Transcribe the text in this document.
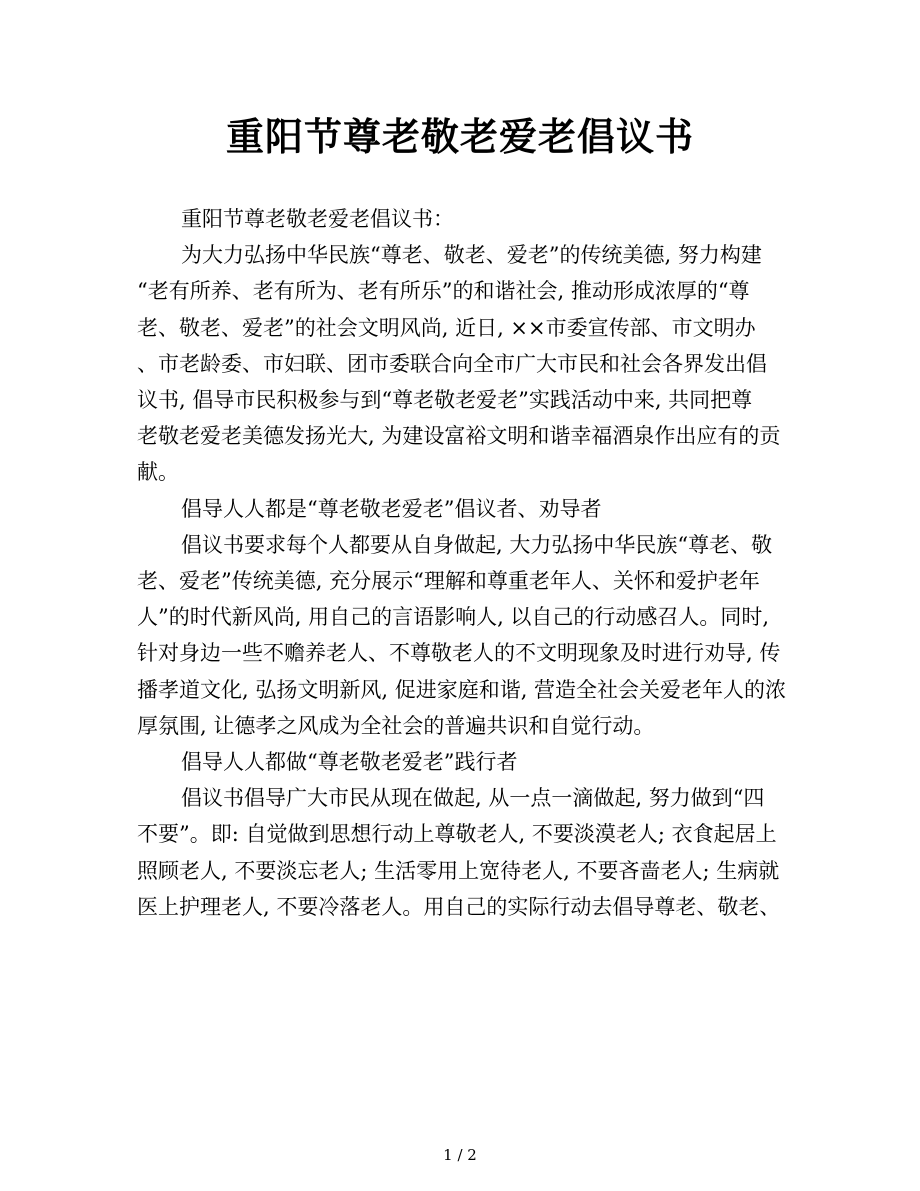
重阳节尊老敬老爱老倡议书
重阳节尊老敬老爱老倡议书：
为大力弘扬中华民族“尊老、敬老、爱老”的传统美德, 努力构建
“老有所养、老有所为、老有所乐”的和谐社会, 推动形成浓厚的“尊
老、敬老、爱老”的社会文明风尚, 近日, ××市委宣传部、市文明办
、市老龄委、市妇联、团市委联合向全市广大市民和社会各界发出倡
议书, 倡导市民积极参与到“尊老敬老爱老”实践活动中来, 共同把尊
老敬老爱老美德发扬光大, 为建设富裕文明和谐幸福酒泉作出应有的贡
献。
倡导人人都是“尊老敬老爱老”倡议者、劝导者
倡议书要求每个人都要从自身做起, 大力弘扬中华民族“尊老、敬
老、爱老”传统美德, 充分展示“理解和尊重老年人、关怀和爱护老年
人”的时代新风尚, 用自己的言语影响人, 以自己的行动感召人。同时,
针对身边一些不赡养老人、不尊敬老人的不文明现象及时进行劝导, 传
播孝道文化, 弘扬文明新风, 促进家庭和谐, 营造全社会关爱老年人的浓
厚氛围, 让德孝之风成为全社会的普遍共识和自觉行动。
倡导人人都做“尊老敬老爱老”践行者
倡议书倡导广大市民从现在做起, 从一点一滴做起, 努力做到“四
不要”。即: 自觉做到思想行动上尊敬老人, 不要淡漠老人; 衣食起居上
照顾老人, 不要淡忘老人; 生活零用上宽待老人, 不要吝啬老人; 生病就
医上护理老人, 不要冷落老人。用自己的实际行动去倡导尊老、敬老、
1 / 2
